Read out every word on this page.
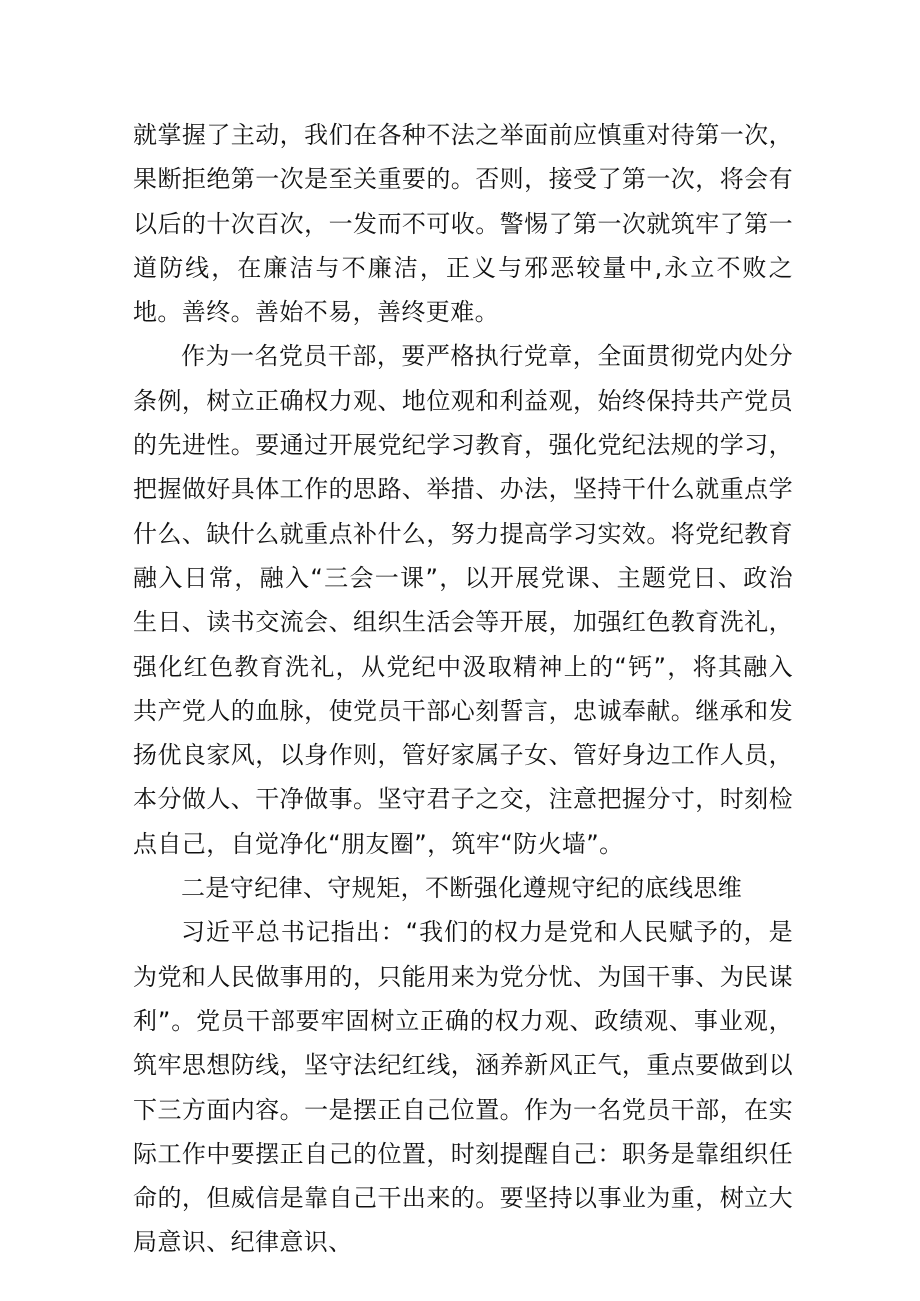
就掌握了主动，我们在各种不法之举面前应慎重对待第一次，果断拒绝第一次是至关重要的。否则，接受了第一次，将会有以后的十次百次，一发而不可收。警惕了第一次就筑牢了第一道防线，在廉洁与不廉洁，正义与邪恶较量中,永立不败之地。善终。善始不易，善终更难。

作为一名党员干部，要严格执行党章，全面贯彻党内处分条例，树立正确权力观、地位观和利益观，始终保持共产党员的先进性。要通过开展党纪学习教育，强化党纪法规的学习，把握做好具体工作的思路、举措、办法，坚持干什么就重点学什么、缺什么就重点补什么，努力提高学习实效。将党纪教育融入日常，融入“三会一课”，以开展党课、主题党日、政治生日、读书交流会、组织生活会等开展，加强红色教育洗礼，强化红色教育洗礼，从党纪中汲取精神上的“钙”，将其融入共产党人的血脉，使党员干部心刻誓言，忠诚奉献。继承和发扬优良家风，以身作则，管好家属子女、管好身边工作人员，本分做人、干净做事。坚守君子之交，注意把握分寸，时刻检点自己，自觉净化“朋友圈”，筑牢“防火墙”。

二是守纪律、守规矩，不断强化遵规守纪的底线思维

习近平总书记指出：“我们的权力是党和人民赋予的，是为党和人民做事用的，只能用来为党分忧、为国干事、为民谋利”。党员干部要牢固树立正确的权力观、政绩观、事业观，筑牢思想防线，坚守法纪红线，涵养新风正气，重点要做到以下三方面内容。一是摆正自己位置。作为一名党员干部，在实际工作中要摆正自己的位置，时刻提醒自己：职务是靠组织任命的，但威信是靠自己干出来的。要坚持以事业为重，树立大局意识、纪律意识、
